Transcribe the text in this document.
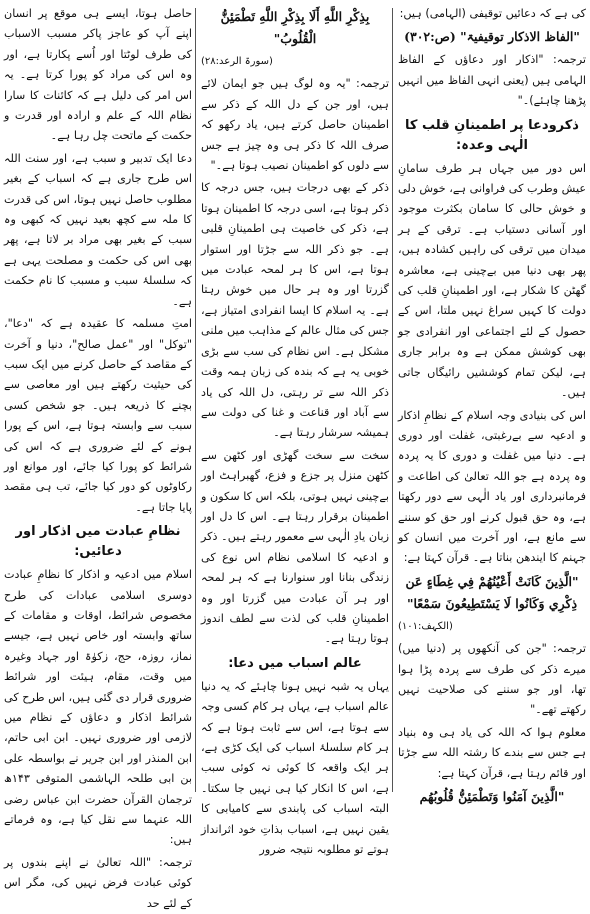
کی ہے کہ دعائیں توقیفی (الہامی) ہیں:

"الفاظ الاذکار توقیفیۃ" (ص:۳۰۲)

ترجمہ: "اذکار اور دعاؤں کے الفاظ الہامی ہیں (یعنی انہی الفاظ میں انہیں پڑھنا چاہئے)۔"

ذکرودعا پر اطمینانِ قلب کا الٰہی وعدہ:

اس دور میں جہاں ہر طرف سامانِ عیش وطرب کی فراوانی ہے، خوش دلی و خوش حالی کا سامان بکثرت موجود اور آسانی دستیاب ہے۔ ترقی کے ہر میدان میں ترقی کی راہیں کشادہ ہیں، پھر بھی دنیا میں بےچینی ہے، معاشرہ گھٹن کا شکار ہے، اور اطمینانِ قلب کی دولت کا کہیں سراغ نہیں ملتا، اس کے حصول کے لئے اجتماعی اور انفرادی جو بھی کوشش ممکن ہے وہ برابر جاری ہے، لیکن تمام کوششیں رائیگاں جاتی ہیں۔

اس کی بنیادی وجہ اسلام کے نظامِ اذکار و ادعیہ سے بےرغبتی، غفلت اور دوری ہے۔ دنیا میں غفلت و دوری کا یہ پردہ وہ پردہ ہے جو اللہ تعالیٰ کی اطاعت و فرمانبرداری اور یاد الٰہی سے دور رکھتا ہے، وہ حق قبول کرنے اور حق کو سننے سے مانع ہے، اور آخرت میں انسان کو جہنم کا ایندھن بناتا ہے۔ قرآن کہتا ہے:

"الَّذِينَ كَانَتْ أَعْيُنُهُمْ فِي غِطَاءٍ عَن ذِكْرِي وَكَانُوا لَا يَسْتَطِيعُونَ سَمْعًا"
(الکہف:۱۰۱)

ترجمہ: "جن کی آنکھوں پر (دنیا میں) میرے ذکر کی طرف سے پردہ پڑا ہوا تھا، اور جو سننے کی صلاحیت نہیں رکھتے تھے۔"

معلوم ہوا کہ اللہ کی یاد ہی وہ بنیاد ہے جس سے بندے کا رشتہ اللہ سے جڑتا اور قائم رہتا ہے، قرآن کہتا ہے:

"الَّذِينَ آمَنُوا وَتَطْمَئِنُّ قُلُوبُهُم
بِذِكْرِ اللَّهِ أَلَا بِذِكْرِ اللَّهِ تَطْمَئِنُّ الْقُلُوبُ"
(سورۃ الرعد:۲۸)

ترجمہ: "یہ وہ لوگ ہیں جو ایمان لائے ہیں، اور جن کے دل اللہ کے ذکر سے اطمینان حاصل کرتے ہیں، یاد رکھو کہ صرف اللہ کا ذکر ہی وہ چیز ہے جس سے دلوں کو اطمینان نصیب ہوتا ہے۔"

ذکر کے بھی درجات ہیں، جس درجہ کا ذکر ہوتا ہے، اسی درجہ کا اطمینان ہوتا ہے، ذکر کی خاصیت ہی اطمینانِ قلبی ہے۔ جو ذکر اللہ سے جڑتا اور استوار ہوتا ہے، اس کا ہر لمحہ عبادت میں گزرتا اور وہ ہر حال میں خوش رہتا ہے۔ یہ اسلام کا ایسا انفرادی امتیاز ہے، جس کی مثال عالم کے مذاہب میں ملنی مشکل ہے۔ اس نظام کی سب سے بڑی خوبی یہ ہے کہ بندہ کی زبان ہمہ وقت ذکر اللہ سے تر رہتی، دل اللہ کی یاد سے آباد اور قناعت و غنا کی دولت سے ہمیشہ سرشار رہتا ہے۔

سخت سے سخت گھڑی اور کٹھن سے کٹھن منزل پر جزع و فزع، گھبراہٹ اور بےچینی نہیں ہوتی، بلکہ اس کا سکون و اطمینان برقرار رہتا ہے۔ اس کا دل اور زبان یادِ الٰہی سے معمور رہتے ہیں۔ ذکر و ادعیہ کا اسلامی نظام اس نوع کی زندگی بنانا اور سنوارنا ہے کہ ہر لمحہ اور ہر آن عبادت میں گزرتا اور وہ اطمینانِ قلب کی لذت سے لطف اندوز ہوتا رہتا ہے۔

عالم اسباب میں دعا:

یہاں یہ شبہ نہیں ہونا چاہئے کہ یہ دنیا عالم اسباب ہے، یہاں ہر کام کسی وجہ سے ہوتا ہے، اس سے ثابت ہوتا ہے کہ ہر کام سلسلۂ اسباب کی ایک کڑی ہے، ہر ایک واقعہ کا کوئی نہ کوئی سبب ہے، اس کا انکار کیا ہی نہیں جا سکتا۔ البتہ اسباب کی پابندی سے کامیابی کا یقین نہیں ہے، اسباب بذاتِ خود اثرانداز ہوتے تو مطلوبہ نتیجہ ضرور

حاصل ہوتا، ایسے ہی موقع پر انسان اپنے آپ کو عاجز پاکر مسبب الاسباب کی طرف لوٹتا اور اُسے پکارتا ہے، اور وہ اس کی مراد کو پورا کرتا ہے۔ یہ اس امر کی دلیل ہے کہ کائنات کا سارا نظام اللہ کے علم و ارادہ اور قدرت و حکمت کے ماتحت چل رہا ہے۔

دعا ایک تدبیر و سبب ہے، اور سنت اللہ اس طرح جاری ہے کہ اسباب کے بغیر مطلوب حاصل نہیں ہوتا، اس کی قدرت کا ملہ سے کچھ بعید نہیں کہ کبھی وہ سبب کے بغیر بھی مراد بر لاتا ہے، پھر بھی اس کی حکمت و مصلحت یہی ہے کہ سلسلۂ سبب و مسبب کا نام حکمت ہے۔

امتِ مسلمہ کا عقیدہ ہے کہ "دعا"، "توکل" اور "عمل صالح"، دنیا و آخرت کے مقاصد کے حاصل کرنے میں ایک سبب کی حیثیت رکھتے ہیں اور معاصی سے بچنے کا ذریعہ ہیں۔ جو شخص کسی سبب سے وابستہ ہوتا ہے، اس کے پورا ہونے کے لئے ضروری ہے کہ اس کی شرائط کو پورا کیا جائے، اور موانع اور رکاوٹوں کو دور کیا جائے، تب ہی مقصد پایا جاتا ہے۔

نظامِ عبادت میں اذکار اور دعائیں:

اسلام میں ادعیہ و اذکار کا نظامِ عبادت دوسری اسلامی عبادات کی طرح مخصوص شرائط، اوقات و مقامات کے ساتھ وابستہ اور خاص نہیں ہے، جیسے نماز، روزہ، حج، زکوٰۃ اور جہاد وغیرہ میں وقت، مقام، ہیئت اور شرائط ضروری قرار دی گئی ہیں، اس طرح کی شرائط اذکار و دعاؤں کے نظام میں لازمی اور ضروری نہیں۔ ابن ابی حاتم، ابن المنذر اور ابن جریر نے بواسطہ علی بن ابی طلحہ الہاشمی المتوفی ۱۴۳ھ ترجمان القرآن حضرت ابن عباس رضی اللہ عنہما سے نقل کیا ہے، وہ فرماتے ہیں:

ترجمہ: "اللہ تعالیٰ نے اپنے بندوں پر کوئی عبادت فرض نہیں کی، مگر اس کے لئے حد
